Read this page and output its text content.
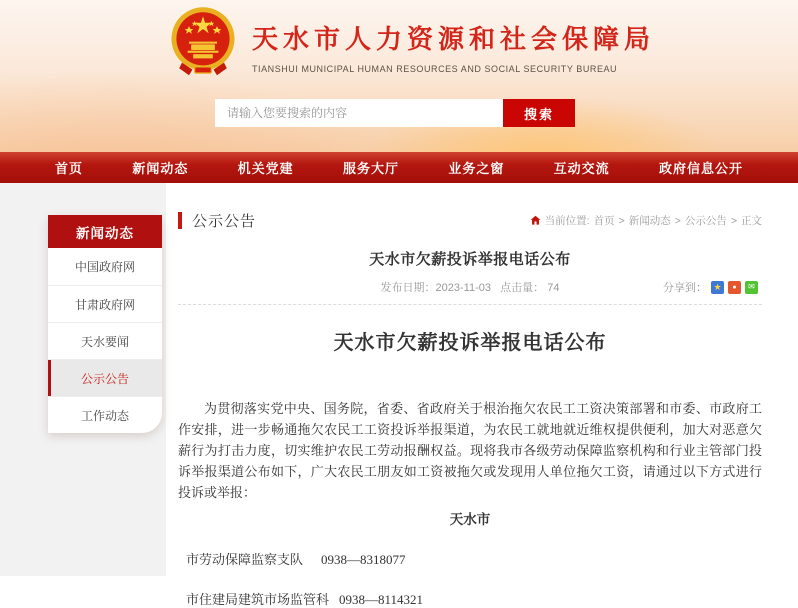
天水市人力资源和社会保障局
TIANSHUI MUNICIPAL HUMAN RESOURCES AND SOCIAL SECURITY BUREAU
请输入您要搜索的内容
搜索
首页	新闻动态	机关党建	服务大厅	业务之窗	互动交流	政府信息公开
新闻动态
中国政府网
甘肃政府网
天水要闻
公示公告
工作动态
公示公告	当前位置: 首页 > 新闻动态 > 公示公告 > 正文
天水市欠薪投诉举报电话公布
发布日期：2023-11-03 点击量： 74	分享到： ★	●	✉
天水市欠薪投诉举报电话公布

为贯彻落实党中央、国务院，省委、省政府关于根治拖欠农民工工资决策部署和市委、市政府工作安排，进一步畅通拖欠农民工工资投诉举报渠道，为农民工就地就近维权提供便利，加大对恶意欠薪行为打击力度，切实维护农民工劳动报酬权益。现将我市各级劳动保障监察机构和行业主管部门投诉举报渠道公布如下，广大农民工朋友如工资被拖欠或发现用人单位拖欠工资，请通过以下方式进行投诉或举报：

天水市
市劳动保障监察支队 0938—8318077
市住建局建筑市场监管科 0938—8114321
